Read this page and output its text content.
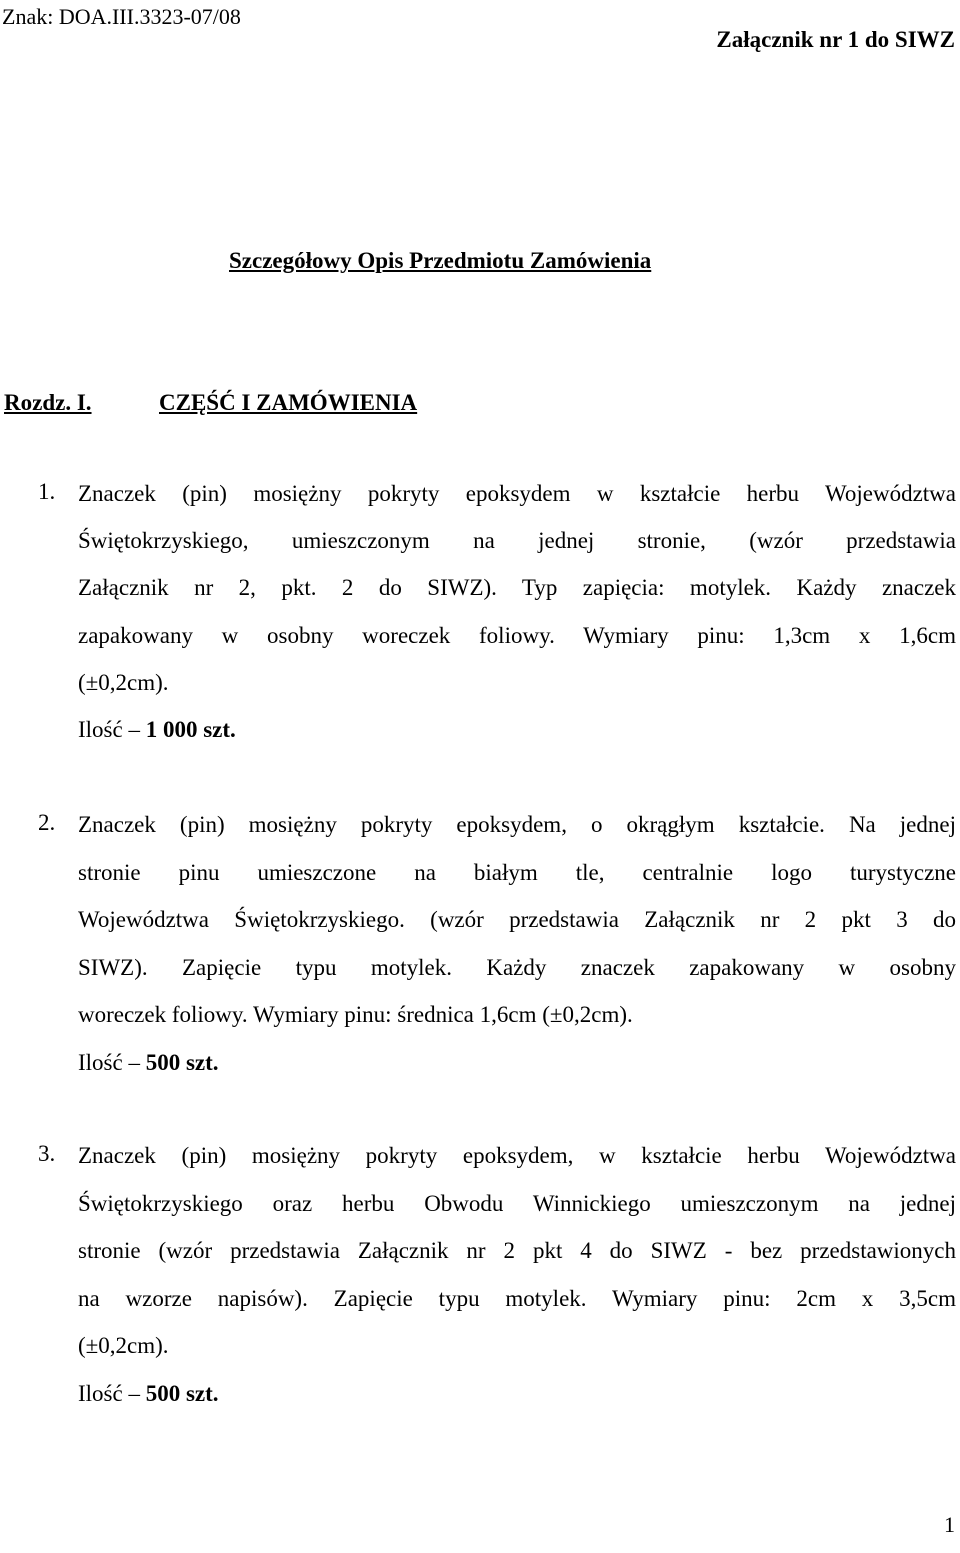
Znak: DOA.III.3323-07/08
Załącznik nr 1 do SIWZ
Szczegółowy Opis Przedmiotu Zamówienia
Rozdz. I.	CZĘŚĆ I ZAMÓWIENIA
1. Znaczek (pin) mosiężny pokryty epoksydem w kształcie herbu Województwa
Świętokrzyskiego, umieszczonym na jednej stronie, (wzór przedstawia
Załącznik nr 2, pkt. 2 do SIWZ). Typ zapięcia: motylek. Każdy znaczek
zapakowany w osobny woreczek foliowy. Wymiary pinu: 1,3cm x 1,6cm
(±0,2cm).
Ilość – 1 000 szt.
2. Znaczek (pin) mosiężny pokryty epoksydem, o okrągłym kształcie. Na jednej
stronie pinu umieszczone na białym tle, centralnie logo turystyczne
Województwa Świętokrzyskiego. (wzór przedstawia Załącznik nr 2 pkt 3 do
SIWZ). Zapięcie typu motylek. Każdy znaczek zapakowany w osobny
woreczek foliowy. Wymiary pinu: średnica 1,6cm (±0,2cm).
Ilość – 500 szt.
3. Znaczek (pin) mosiężny pokryty epoksydem, w kształcie herbu Województwa
Świętokrzyskiego oraz herbu Obwodu Winnickiego umieszczonym na jednej
stronie (wzór przedstawia Załącznik nr 2 pkt 4 do SIWZ - bez przedstawionych
na wzorze napisów). Zapięcie typu motylek. Wymiary pinu: 2cm x 3,5cm
(±0,2cm).
Ilość – 500 szt.
1
